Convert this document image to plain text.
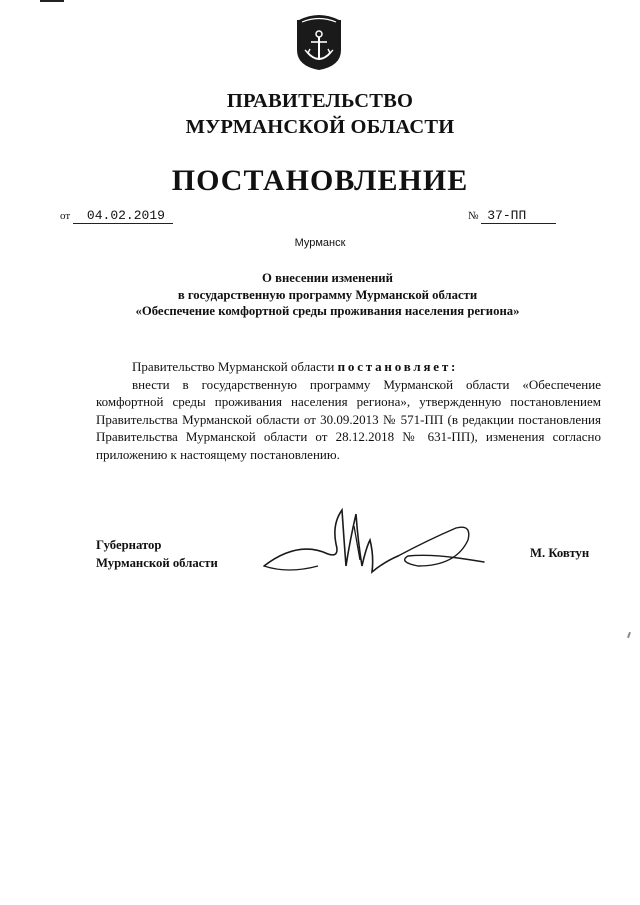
ПРАВИТЕЛЬСТВО
МУРМАНСКОЙ ОБЛАСТИ
ПОСТАНОВЛЕНИЕ
от 04.02.2019	№ 37-ПП
Мурманск
О внесении изменений
в государственную программу Мурманской области
«Обеспечение комфортной среды проживания населения региона»

Правительство Мурманской области постановляет:

внести в государственную программу Мурманской области «Обеспечение комфортной среды проживания населения региона», утвержденную постановлением Правительства Мурманской области от 30.09.2013 № 571-ПП (в редакции постановления Правительства Мурманской области от 28.12.2018 № 631-ПП), изменения согласно приложению к настоящему постановлению.

Губернатор
Мурманской области
М. Ковтун
